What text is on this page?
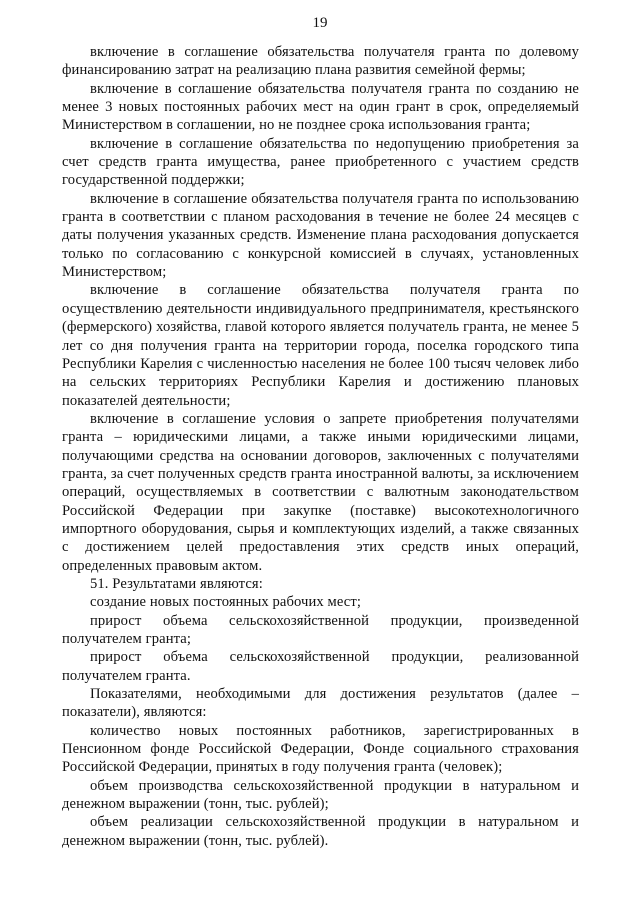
19

включение в соглашение обязательства получателя гранта по долевому финансированию затрат на реализацию плана развития семейной фермы;

включение в соглашение обязательства получателя гранта по созданию не менее 3 новых постоянных рабочих мест на один грант в срок, определяемый Министерством в соглашении, но не позднее срока использования гранта;

включение в соглашение обязательства по недопущению приобретения за счет средств гранта имущества, ранее приобретенного с участием средств государственной поддержки;

включение в соглашение обязательства получателя гранта по использованию гранта в соответствии с планом расходования в течение не более 24 месяцев с даты получения указанных средств. Изменение плана расходования допускается только по согласованию с конкурсной комиссией в случаях, установленных Министерством;

включение в соглашение обязательства получателя гранта по осуществлению деятельности индивидуального предпринимателя, крестьянского (фермерского) хозяйства, главой которого является получатель гранта, не менее 5 лет со дня получения гранта на территории города, поселка городского типа Республики Карелия с численностью населения не более 100 тысяч человек либо на сельских территориях Республики Карелия и достижению плановых показателей деятельности;

включение в соглашение условия о запрете приобретения получателями гранта – юридическими лицами, а также иными юридическими лицами, получающими средства на основании договоров, заключенных с получателями гранта, за счет полученных средств гранта иностранной валюты, за исключением операций, осуществляемых в соответствии с валютным законодательством Российской Федерации при закупке (поставке) высокотехнологичного импортного оборудования, сырья и комплектующих изделий, а также связанных с достижением целей предоставления этих средств иных операций, определенных правовым актом.

51. Результатами являются:

создание новых постоянных рабочих мест;

прирост объема сельскохозяйственной продукции, произведенной получателем гранта;

прирост объема сельскохозяйственной продукции, реализованной получателем гранта.

Показателями, необходимыми для достижения результатов (далее – показатели), являются:

количество новых постоянных работников, зарегистрированных в Пенсионном фонде Российской Федерации, Фонде социального страхования Российской Федерации, принятых в году получения гранта (человек);

объем производства сельскохозяйственной продукции в натуральном и денежном выражении (тонн, тыс. рублей);

объем реализации сельскохозяйственной продукции в натуральном и денежном выражении (тонн, тыс. рублей).
